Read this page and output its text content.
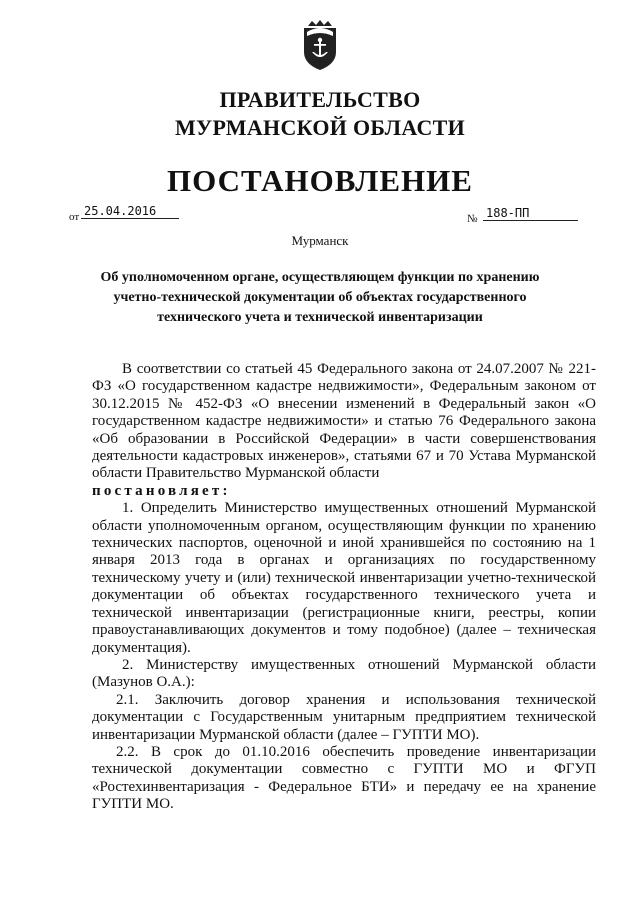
ПРАВИТЕЛЬСТВО
МУРМАНСКОЙ ОБЛАСТИ
ПОСТАНОВЛЕНИЕ
от 25.04.2016
№ 188-ПП
Мурманск
Об уполномоченном органе, осуществляющем функции по хранению
учетно-технической документации об объектах государственного
технического учета и технической инвентаризации

В соответствии со статьей 45 Федерального закона от 24.07.2007 № 221-ФЗ «О государственном кадастре недвижимости», Федеральным законом от 30.12.2015 № 452-ФЗ «О внесении изменений в Федеральный закон «О государственном кадастре недвижимости» и статью 76 Федерального закона «Об образовании в Российской Федерации» в части совершенствования деятельности кадастровых инженеров», статьями 67 и 70 Устава Мурманской области Правительство Мурманской области

постановляет:

1. Определить Министерство имущественных отношений Мурманской области уполномоченным органом, осуществляющим функции по хранению технических паспортов, оценочной и иной хранившейся по состоянию на 1 января 2013 года в органах и организациях по государственному техническому учету и (или) технической инвентаризации учетно-технической документации об объектах государственного технического учета и технической инвентаризации (регистрационные книги, реестры, копии правоустанавливающих документов и тому подобное) (далее – техническая документация).

2. Министерству имущественных отношений Мурманской области (Мазунов О.А.):

2.1. Заключить договор хранения и использования технической документации с Государственным унитарным предприятием технической инвентаризации Мурманской области (далее – ГУПТИ МО).

2.2. В срок до 01.10.2016 обеспечить проведение инвентаризации технической документации совместно с ГУПТИ МО и ФГУП «Ростехинвентаризация - Федеральное БТИ» и передачу ее на хранение ГУПТИ МО.
